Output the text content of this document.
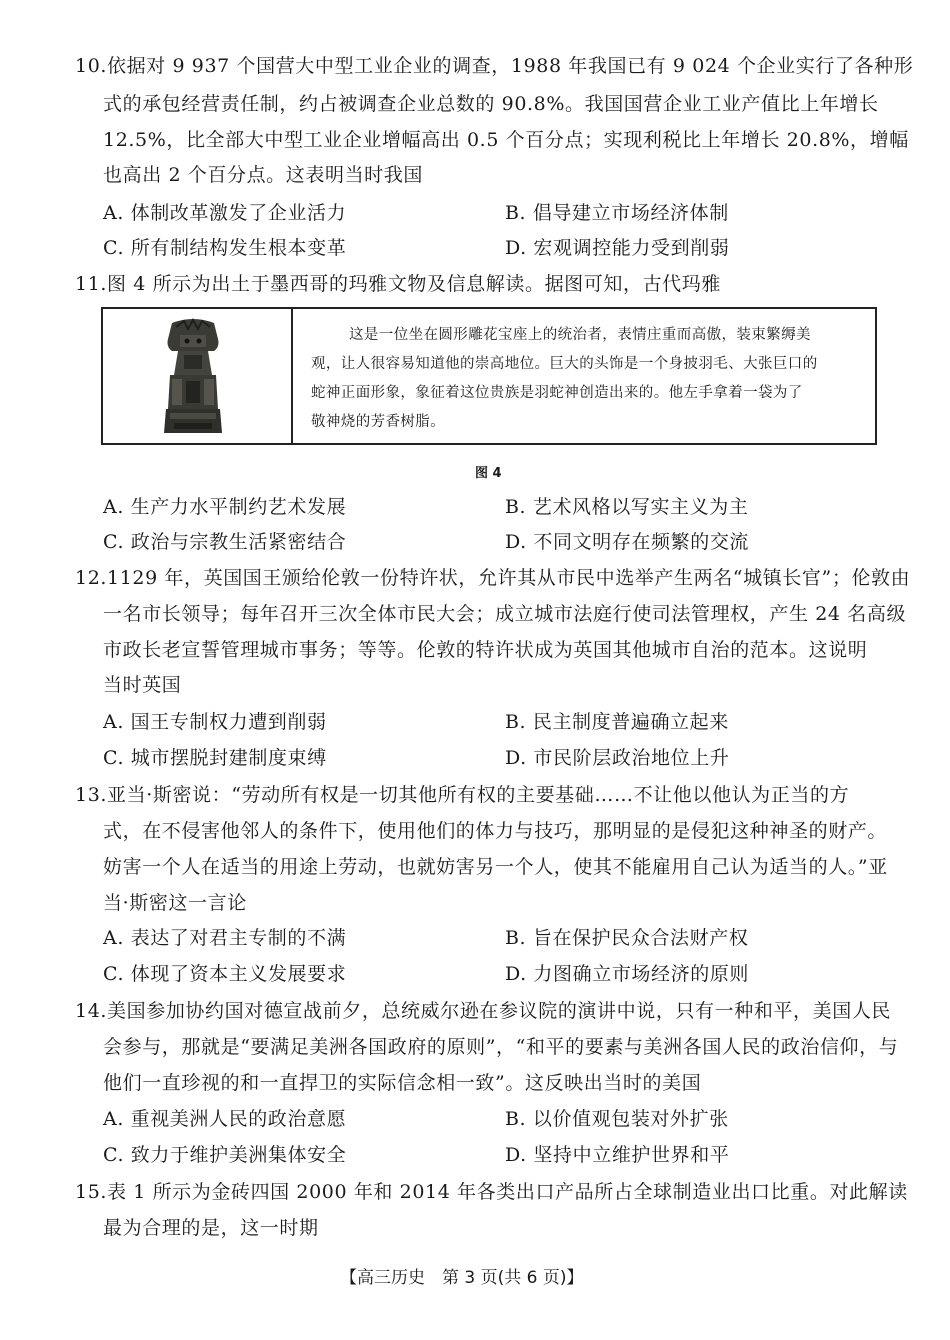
10.依据对 9 937 个国营大中型工业企业的调查，1988 年我国已有 9 024 个企业实行了各种形
式的承包经营责任制，约占被调查企业总数的 90.8%。我国国营企业工业产值比上年增长
12.5%，比全部大中型工业企业增幅高出 0.5 个百分点；实现利税比上年增长 20.8%，增幅
也高出 2 个百分点。这表明当时我国
A. 体制改革激发了企业活力	B. 倡导建立市场经济体制
C. 所有制结构发生根本变革	D. 宏观调控能力受到削弱
11.图 4 所示为出土于墨西哥的玛雅文物及信息解读。据图可知，古代玛雅
这是一位坐在圆形雕花宝座上的统治者，表情庄重而高傲，装束繁缛美
观，让人很容易知道他的崇高地位。巨大的头饰是一个身披羽毛、大张巨口的
蛇神正面形象，象征着这位贵族是羽蛇神创造出来的。他左手拿着一袋为了
敬神烧的芳香树脂。
图 4
A. 生产力水平制约艺术发展	B. 艺术风格以写实主义为主
C. 政治与宗教生活紧密结合	D. 不同文明存在频繁的交流
12.1129 年，英国国王颁给伦敦一份特许状，允许其从市民中选举产生两名“城镇长官”；伦敦由
一名市长领导；每年召开三次全体市民大会；成立城市法庭行使司法管理权，产生 24 名高级
市政长老宣誓管理城市事务；等等。伦敦的特许状成为英国其他城市自治的范本。这说明
当时英国
A. 国王专制权力遭到削弱	B. 民主制度普遍确立起来
C. 城市摆脱封建制度束缚	D. 市民阶层政治地位上升
13.亚当·斯密说：“劳动所有权是一切其他所有权的主要基础……不让他以他认为正当的方
式，在不侵害他邻人的条件下，使用他们的体力与技巧，那明显的是侵犯这种神圣的财产。
妨害一个人在适当的用途上劳动，也就妨害另一个人，使其不能雇用自己认为适当的人。”亚
当·斯密这一言论
A. 表达了对君主专制的不满	B. 旨在保护民众合法财产权
C. 体现了资本主义发展要求	D. 力图确立市场经济的原则
14.美国参加协约国对德宣战前夕，总统威尔逊在参议院的演讲中说，只有一种和平，美国人民
会参与，那就是“要满足美洲各国政府的原则”，“和平的要素与美洲各国人民的政治信仰，与
他们一直珍视的和一直捍卫的实际信念相一致”。这反映出当时的美国
A. 重视美洲人民的政治意愿	B. 以价值观包装对外扩张
C. 致力于维护美洲集体安全	D. 坚持中立维护世界和平
15.表 1 所示为金砖四国 2000 年和 2014 年各类出口产品所占全球制造业出口比重。对此解读
最为合理的是，这一时期
【高三历史　第 3 页(共 6 页)】
